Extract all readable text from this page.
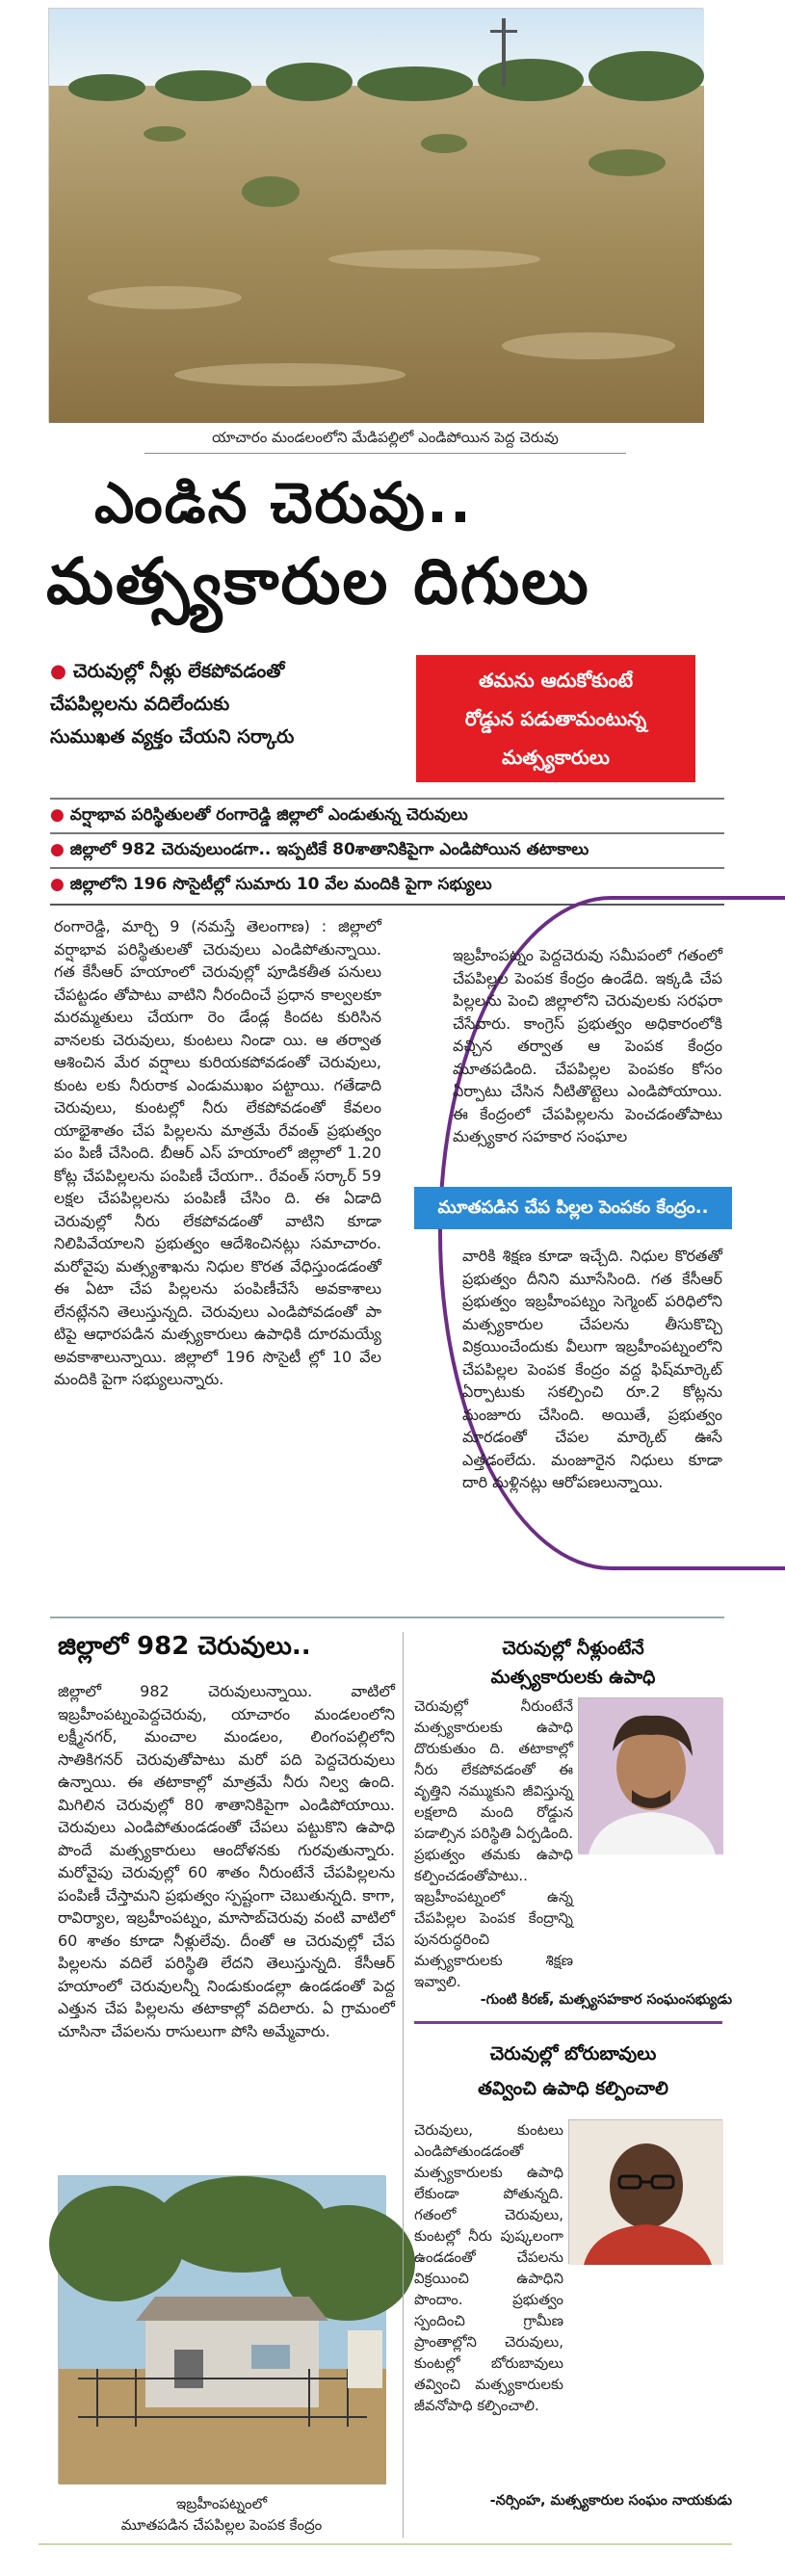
యాచారం మండలంలోని మేడిపల్లిలో ఎండిపోయిన పెద్ద చెరువు
ఎండిన చెరువు..
మత్స్యకారుల దిగులు
● చెరువుల్లో నీళ్లు లేకపోవడంతో
చేపపిల్లలను వదిలేందుకు
సుముఖత వ్యక్తం చేయని సర్కారు
తమను ఆదుకోకుంటే
రోడ్డున పడుతామంటున్న
మత్స్యకారులు
● వర్షాభావ పరిస్థితులతో రంగారెడ్డి జిల్లాలో ఎండుతున్న చెరువులు
● జిల్లాలో 982 చెరువులుండగా.. ఇప్పటికే 80శాతానికిపైగా ఎండిపోయిన తటాకాలు
● జిల్లాలోని 196 సొసైటీల్లో సుమారు 10 వేల మందికి పైగా సభ్యులు
రంగారెడ్డి, మార్చి 9 (నమస్తే తెలంగాణ) : జిల్లాలో వర్షాభావ పరిస్థితులతో చెరువులు ఎండిపోతున్నాయి. గత కేసీఆర్ హయాంలో చెరువుల్లో పూడికతీత పనులు చేపట్టడం తోపాటు వాటిని నీరందించే ప్రధాన కాల్వలకూ మరమ్మతులు చేయగా రెం డేండ్ల కిందట కురిసిన వానలకు చెరువులు, కుంటలు నిండా యి. ఆ తర్వాత ఆశించిన మేర వర్షాలు కురియకపోవడంతో చెరువులు, కుంట లకు నీరురాక ఎండుముఖం పట్టాయి. గతేడాది చెరువులు, కుంటల్లో నీరు లేకపోవడంతో కేవలం యాభైశాతం చేప పిల్లలను మాత్రమే రేవంత్ ప్రభుత్వం పం పిణీ చేసింది. బీఆర్ ఎస్ హయాంలో జిల్లాలో 1.20 కోట్ల చేపపిల్లలను పంపిణీ చేయగా.. రేవంత్ సర్కార్ 59 లక్షల చేపపిల్లలను పంపిణీ చేసిం ది. ఈ ఏడాది చెరువుల్లో నీరు లేకపోవడంతో వాటిని కూడా నిలిపివేయాలని ప్రభుత్వం ఆదేశించినట్లు సమాచారం. మరోవైపు మత్స్యశాఖను నిధుల కొరత వేధిస్తుండడంతో ఈ ఏటా చేప పిల్లలను పంపిణీచేసే అవకాశాలు లేనట్లేనని తెలుస్తున్నది. చెరువులు ఎండిపోవడంతో పా టిపై ఆధారపడిన మత్స్యకారులు ఉపాధికి దూరమయ్యే అవకాశాలున్నాయి. జిల్లాలో 196 సొసైటీ ల్లో 10 వేల మందికి పైగా సభ్యులున్నారు.
ఇబ్రహీంపట్నం పెద్దచెరువు సమీపంలో గతంలో చేపపిల్లల పెంపక కేంద్రం ఉండేది. ఇక్కడి చేప పిల్లలను పెంచి జిల్లాలోని చెరువులకు సరఫరా చేసేవారు. కాంగ్రెస్ ప్రభుత్వం అధికారంలోకి వచ్చిన తర్వాత ఆ పెంపక కేంద్రం మూతపడింది. చేపపిల్లల పెంపకం కోసం ఏర్పాటు చేసిన నీటితొట్టెలు ఎండిపోయాయి. ఈ కేంద్రంలో చేపపిల్లలను పెంచడంతోపాటు మత్స్యకార సహకార సంఘాల
మూతపడిన చేప పిల్లల పెంపకం కేంద్రం..
వారికి శిక్షణ కూడా ఇచ్చేది. నిధుల కొరతతో ప్రభుత్వం దీనిని మూసేసింది. గత కేసీఆర్ ప్రభుత్వం ఇబ్రహీంపట్నం సెగ్మెంట్ పరిధిలోని మత్స్యకారుల చేపలను తీసుకొచ్చి విక్రయించేందుకు వీలుగా ఇబ్రహీంపట్నంలోని చేపపిల్లల పెంపక కేంద్రం వద్ద ఫిష్‌మార్కెట్ ఏర్పాటుకు సకల్పించి రూ.2 కోట్లను మంజూరు చేసింది. అయితే, ప్రభుత్వం మారడంతో చేపల మార్కెట్ ఊసే ఎత్తడంలేదు. మంజూరైన నిధులు కూడా దారి మళ్లినట్లు ఆరోపణలున్నాయి.
జిల్లాలో 982 చెరువులు..
జిల్లాలో 982 చెరువులున్నాయి. వాటిలో ఇబ్రహీంపట్నంపెద్దచెరువు, యాచారం మండలంలోని లక్ష్మీనగర్, మంచాల మండలం, లింగంపల్లిలోని సాతికిగనర్ చెరువుతోపాటు మరో పది పెద్దచెరువులు ఉన్నాయి. ఈ తటాకాల్లో మాత్రమే నీరు నిల్వ ఉంది. మిగిలిన చెరువుల్లో 80 శాతానికిపైగా ఎండిపోయాయి. చెరువులు ఎండిపోతుండడంతో చేపలు పట్టుకొని ఉపాధి పొందే మత్స్యకారులు ఆందోళనకు గురవుతున్నారు. మరోవైపు చెరువుల్లో 60 శాతం నీరుంటేనే చేపపిల్లలను పంపిణీ చేస్తామని ప్రభుత్వం స్పష్టంగా చెబుతున్నది. కాగా, రావిర్యాల, ఇబ్రహీంపట్నం, మాసాబ్‌చెరువు వంటి వాటిలో 60 శాతం కూడా నీళ్లులేవు. దీంతో ఆ చెరువుల్లో చేప పిల్లలను వదిలే పరిస్థితి లేదని తెలుస్తున్నది. కేసీఆర్ హయాంలో చెరువులన్నీ నిండుకుండల్లా ఉండడంతో పెద్ద ఎత్తున చేప పిల్లలను తటాకాల్లో వదిలారు. ఏ గ్రామంలో చూసినా చేపలను రాసులుగా పోసి అమ్మేవారు.
ఇబ్రహీంపట్నంలో
మూతపడిన చేపపిల్లల పెంపక కేంద్రం
చెరువుల్లో నీళ్లుంటేనే
మత్స్యకారులకు ఉపాధి
చెరువుల్లో నీరుంటేనే మత్స్యకారులకు ఉపాధి దొరుకుతుం ది. తటాకాల్లో నీరు లేకపోవడంతో ఈ వృత్తిని నమ్ముకుని జీవిస్తున్న లక్షలాది మంది రోడ్డున పడాల్సిన పరిస్థితి ఏర్పడింది. ప్రభుత్వం తమకు ఉపాధి కల్పించడంతోపాటు.. ఇబ్రహీంపట్నంలో ఉన్న చేపపిల్లల పెంపక కేంద్రాన్ని పునరుద్ధరించి మత్స్యకారులకు శిక్షణ ఇవ్వాలి.
-గుంటి కిరణ్, మత్స్యసహకార సంఘంసభ్యుడు
చెరువుల్లో బోరుబావులు
తవ్వించి ఉపాధి కల్పించాలి
చెరువులు, కుంటలు ఎండిపోతుండడంతో మత్స్యకారులకు ఉపాధి లేకుండా పోతున్నది. గతంలో చెరువులు, కుంటల్లో నీరు పుష్కలంగా ఉండడంతో చేపలను విక్రయించి ఉపాధిని పొందాం. ప్రభుత్వం స్పందించి గ్రామీణ ప్రాంతాల్లోని చెరువులు, కుంటల్లో బోరుబావులు తవ్వించి మత్స్యకారులకు జీవనోపాధి కల్పించాలి.
-నర్సింహ, మత్స్యకారుల సంఘం నాయకుడు
